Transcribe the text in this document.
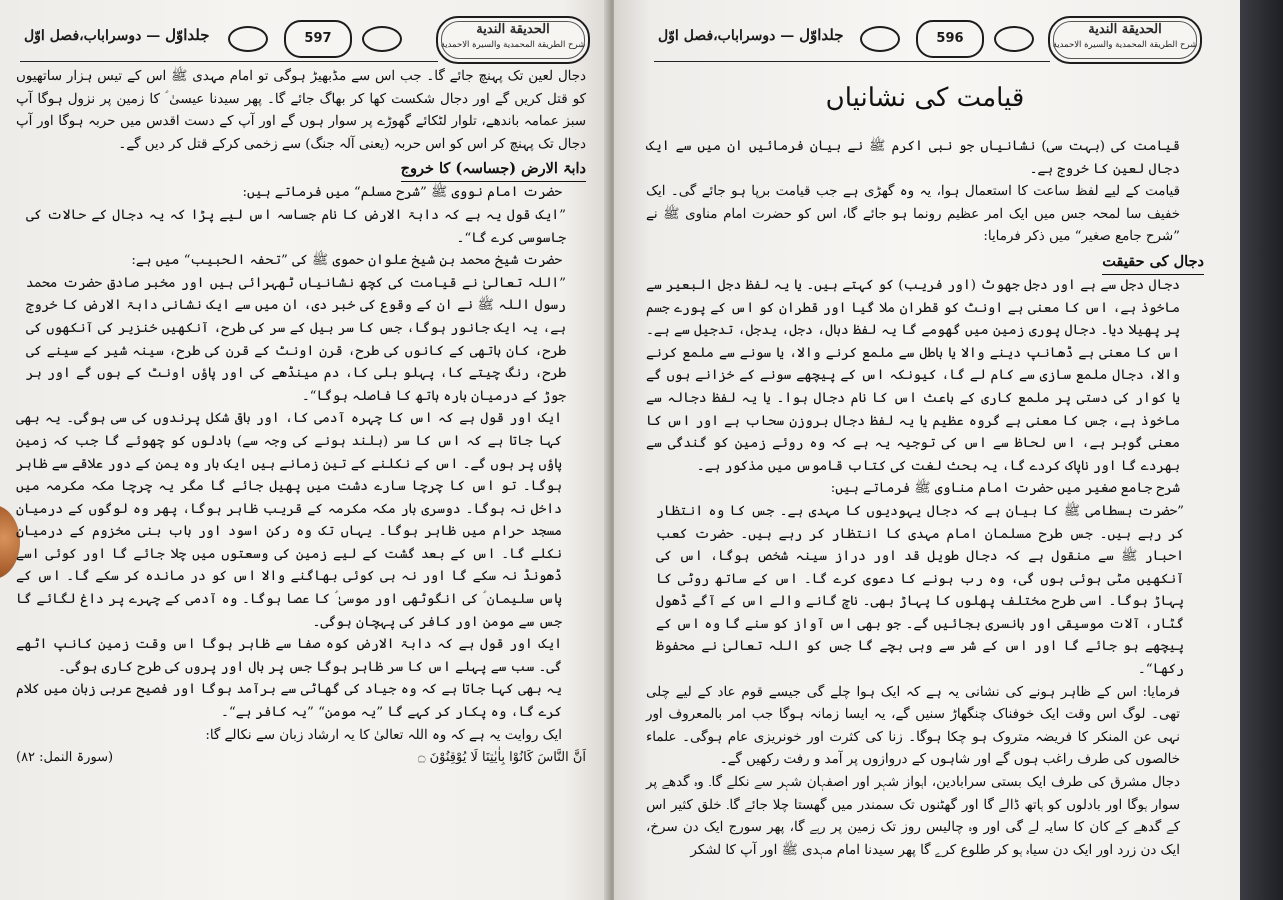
جلداوّل — دوسراباب،فصل اوّل	597
الحديقة الندية
شرح الطريقة المحمدية والسيرة الاحمدية

دجال لعین تک پہنچ جائے گا۔ جب اس سے مڈبھیڑ ہوگی تو امام مہدی ﷺ اس کے تیس ہزار ساتھیوں کو قتل کریں گے اور دجال شکست کھا کر بھاگ جائے گا۔ پھر سیدنا عیسیٰ ؑ کا زمین پر نزول ہوگا آپ سبز عمامہ باندھے، تلوار لٹکائے گھوڑے پر سوار ہوں گے اور آپ کے دست اقدس میں حربہ ہوگا اور آپ دجال تک پہنچ کر اس کو اس حربہ (یعنی آلہ جنگ) سے زخمی کرکے قتل کر دیں گے۔

دابۃ الارض (جساسہ) کا خروج

حضرت امام نووی ﷺ ”شرح مسلم“ میں فرماتے ہیں:

”ایک قول یہ ہے کہ دابۃ الارض کا نام جساسہ اس لیے پڑا کہ یہ دجال کے حالات کی جاسوسی کرے گا“۔

حضرت شیخ محمد بن شیخ علوان حموی ﷺ کی ”تحفہ الحبیب“ میں ہے:

”اللہ تعالیٰ نے قیامت کی کچھ نشانیاں ٹھہرائی ہیں اور مخبر صادق حضرت محمد رسول اللہ ﷺ نے ان کے وقوع کی خبر دی، ان میں سے ایک نشانی دابۃ الارض کا خروج ہے، یہ ایک جانور ہوگا، جس کا سر بیل کے سر کی طرح، آنکھیں خنزیر کی آنکھوں کی طرح، کان ہاتھی کے کانوں کی طرح، قرن اونٹ کے قرن کی طرح، سینہ شیر کے سینے کی طرح، رنگ چیتے کا، پہلو بلی کا، دم مینڈھے کی اور پاؤں اونٹ کے ہوں گے اور ہر جوڑ کے درمیان بارہ ہاتھ کا فاصلہ ہوگا“۔

ایک اور قول ہے کہ اس کا چہرہ آدمی کا، اور باقی شکل پرندوں کی سی ہوگی۔ یہ بھی کہا جاتا ہے کہ اس کا سر (بلند ہونے کی وجہ سے) بادلوں کو چھوئے گا جب کہ زمین پاؤں پر ہوں گے۔ اس کے نکلنے کے تین زمانے ہیں ایک بار وہ یمن کے دور علاقے سے ظاہر ہوگا۔ تو اس کا چرچا سارے دشت میں پھیل جائے گا مگر یہ چرچا مکہ مکرمہ میں داخل نہ ہوگا۔ دوسری بار مکہ مکرمہ کے قریب ظاہر ہوگا، پھر وہ لوگوں کے درمیان مسجد حرام میں ظاہر ہوگا۔ یہاں تک وہ رکن اسود اور باب بنی مخزوم کے درمیان نکلے گا۔ اس کے بعد گشت کے لیے زمین کی وسعتوں میں چلا جائے گا اور کوئی اسے ڈھونڈ نہ سکے گا اور نہ ہی کوئی بھاگنے والا اس کو در ماندہ کر سکے گا۔ اس کے پاس سلیمان ؑ کی انگوٹھی اور موسیٰ ؑ کا عصا ہوگا۔ وہ آدمی کے چہرے پر داغ لگائے گا جس سے مومن اور کافر کی پہچان ہوگی۔

ایک اور قول ہے کہ دابۃ الارض کوہ صفا سے ظاہر ہوگا اس وقت زمین کانپ اٹھے گی۔ سب سے پہلے اس کا سر ظاہر ہوگا جس پر بال اور پروں کی طرح کاری ہوگی۔

یہ بھی کہا جاتا ہے کہ وہ جیاد کی گھاٹی سے برآمد ہوگا اور فصیح عربی زبان میں کلام کرے گا، وہ پکار کر کہے گا ”یہ مومن“ ”یہ کافر ہے“۔

ایک روایت یہ ہے کہ وہ اللہ تعالیٰ کا یہ ارشاد زبان سے نکالے گا:

اَنَّ النَّاسَ كَانُوْا بِاٰيٰتِنَا لَا يُوْقِنُوْنَ ۝
(سورۃ النمل: ۸۲)
جلداوّل — دوسراباب،فصل اوّل	596
الحديقة الندية
شرح الطريقة المحمدية والسيرة الاحمدية

قیامت کی نشانیاں

قیامت کی (بہت سی) نشانیاں جو نبی اکرم ﷺ نے بیان فرمائیں ان میں سے ایک دجال لعین کا خروج ہے۔

قیامت کے لیے لفظ ساعت کا استعمال ہوا، یہ وہ گھڑی ہے جب قیامت برپا ہو جائے گی۔ ایک خفیف سا لمحہ جس میں ایک امر عظیم رونما ہو جائے گا، اس کو حضرت امام مناوی ﷺ نے ”شرح جامع صغیر“ میں ذکر فرمایا:

دجال کی حقیقت

دجال دجل سے ہے اور دجل جھوٹ (اور فریب) کو کہتے ہیں۔ یا یہ لفظ دجل البعیر سے ماخوذ ہے، اس کا معنی ہے اونٹ کو قطران ملا گیا اور قطران کو اس کے پورے جسم پر پھیلا دیا۔ دجال پوری زمین میں گھومے گا یہ لفظ دبال، دجل، یدجل، تدجیل سے ہے۔ اس کا معنی ہے ڈھانپ دینے والا یا باطل سے ملمع کرنے والا، یا سونے سے ملمع کرنے والا، دجال ملمع سازی سے کام لے گا، کیونکہ اس کے پیچھے سونے کے خزانے ہوں گے یا کوار کی دستی پر ملمع کاری کے باعث اس کا نام دجال ہوا۔ یا یہ لفظ دجالہ سے ماخوذ ہے، جس کا معنی ہے گروہ عظیم یا یہ لفظ دجال بروزن سحاب ہے اور اس کا معنی گوبر ہے، اس لحاظ سے اس کی توجیہ یہ ہے کہ وہ روئے زمین کو گندگی سے بھردے گا اور ناپاک کردے گا، یہ بحث لغت کی کتاب قاموس میں مذکور ہے۔

شرح جامع صغیر میں حضرت امام مناوی ﷺ فرماتے ہیں:

”حضرت بسطامی ﷺ کا بیان ہے کہ دجال یہودیوں کا مہدی ہے۔ جس کا وہ انتظار کر رہے ہیں۔ جس طرح مسلمان امام مہدی کا انتظار کر رہے ہیں۔ حضرت کعب احبار ﷺ سے منقول ہے کہ دجال طویل قد اور دراز سینہ شخص ہوگا، اس کی آنکھیں مٹی ہوئی ہوں گی، وہ رب ہونے کا دعوی کرے گا۔ اس کے ساتھ روٹی کا پہاڑ ہوگا۔ اسی طرح مختلف پھلوں کا پہاڑ بھی۔ ناچ گانے والے اس کے آگے ڈھول گٹار، آلات موسیقی اور بانسری بجائیں گے۔ جو بھی اس آواز کو سنے گا وہ اس کے پیچھے ہو جائے گا اور اس کے شر سے وہی بچے گا جس کو اللہ تعالیٰ نے محفوظ رکھا“۔

فرمایا: اس کے ظاہر ہونے کی نشانی یہ ہے کہ ایک ہوا چلے گی جیسے قوم عاد کے لیے چلی تھی۔ لوگ اس وقت ایک خوفناک چنگھاڑ سنیں گے، یہ ایسا زمانہ ہوگا جب امر بالمعروف اور نہی عن المنکر کا فریضہ متروک ہو چکا ہوگا۔ زنا کی کثرت اور خونریزی عام ہوگی۔ علماء خالصوں کی طرف راغب ہوں گے اور شاہوں کے دروازوں پر آمد و رفت رکھیں گے۔

دجال مشرق کی طرف ایک بستی سرابادین، اہواز شہر اور اصفہان شہر سے نکلے گا۔ وہ گدھے پر سوار ہوگا اور بادلوں کو ہاتھ ڈالے گا اور گھٹنوں تک سمندر میں گھستا چلا جائے گا۔ خلق کثیر اس کے گدھے کے کان کا سایہ لے گی اور وہ چالیس روز تک زمین پر رہے گا، پھر سورج ایک دن سرخ، ایک دن زرد اور ایک دن سیاہ ہو کر طلوع کرے گا پھر سیدنا امام مہدی ﷺ اور آپ کا لشکر
